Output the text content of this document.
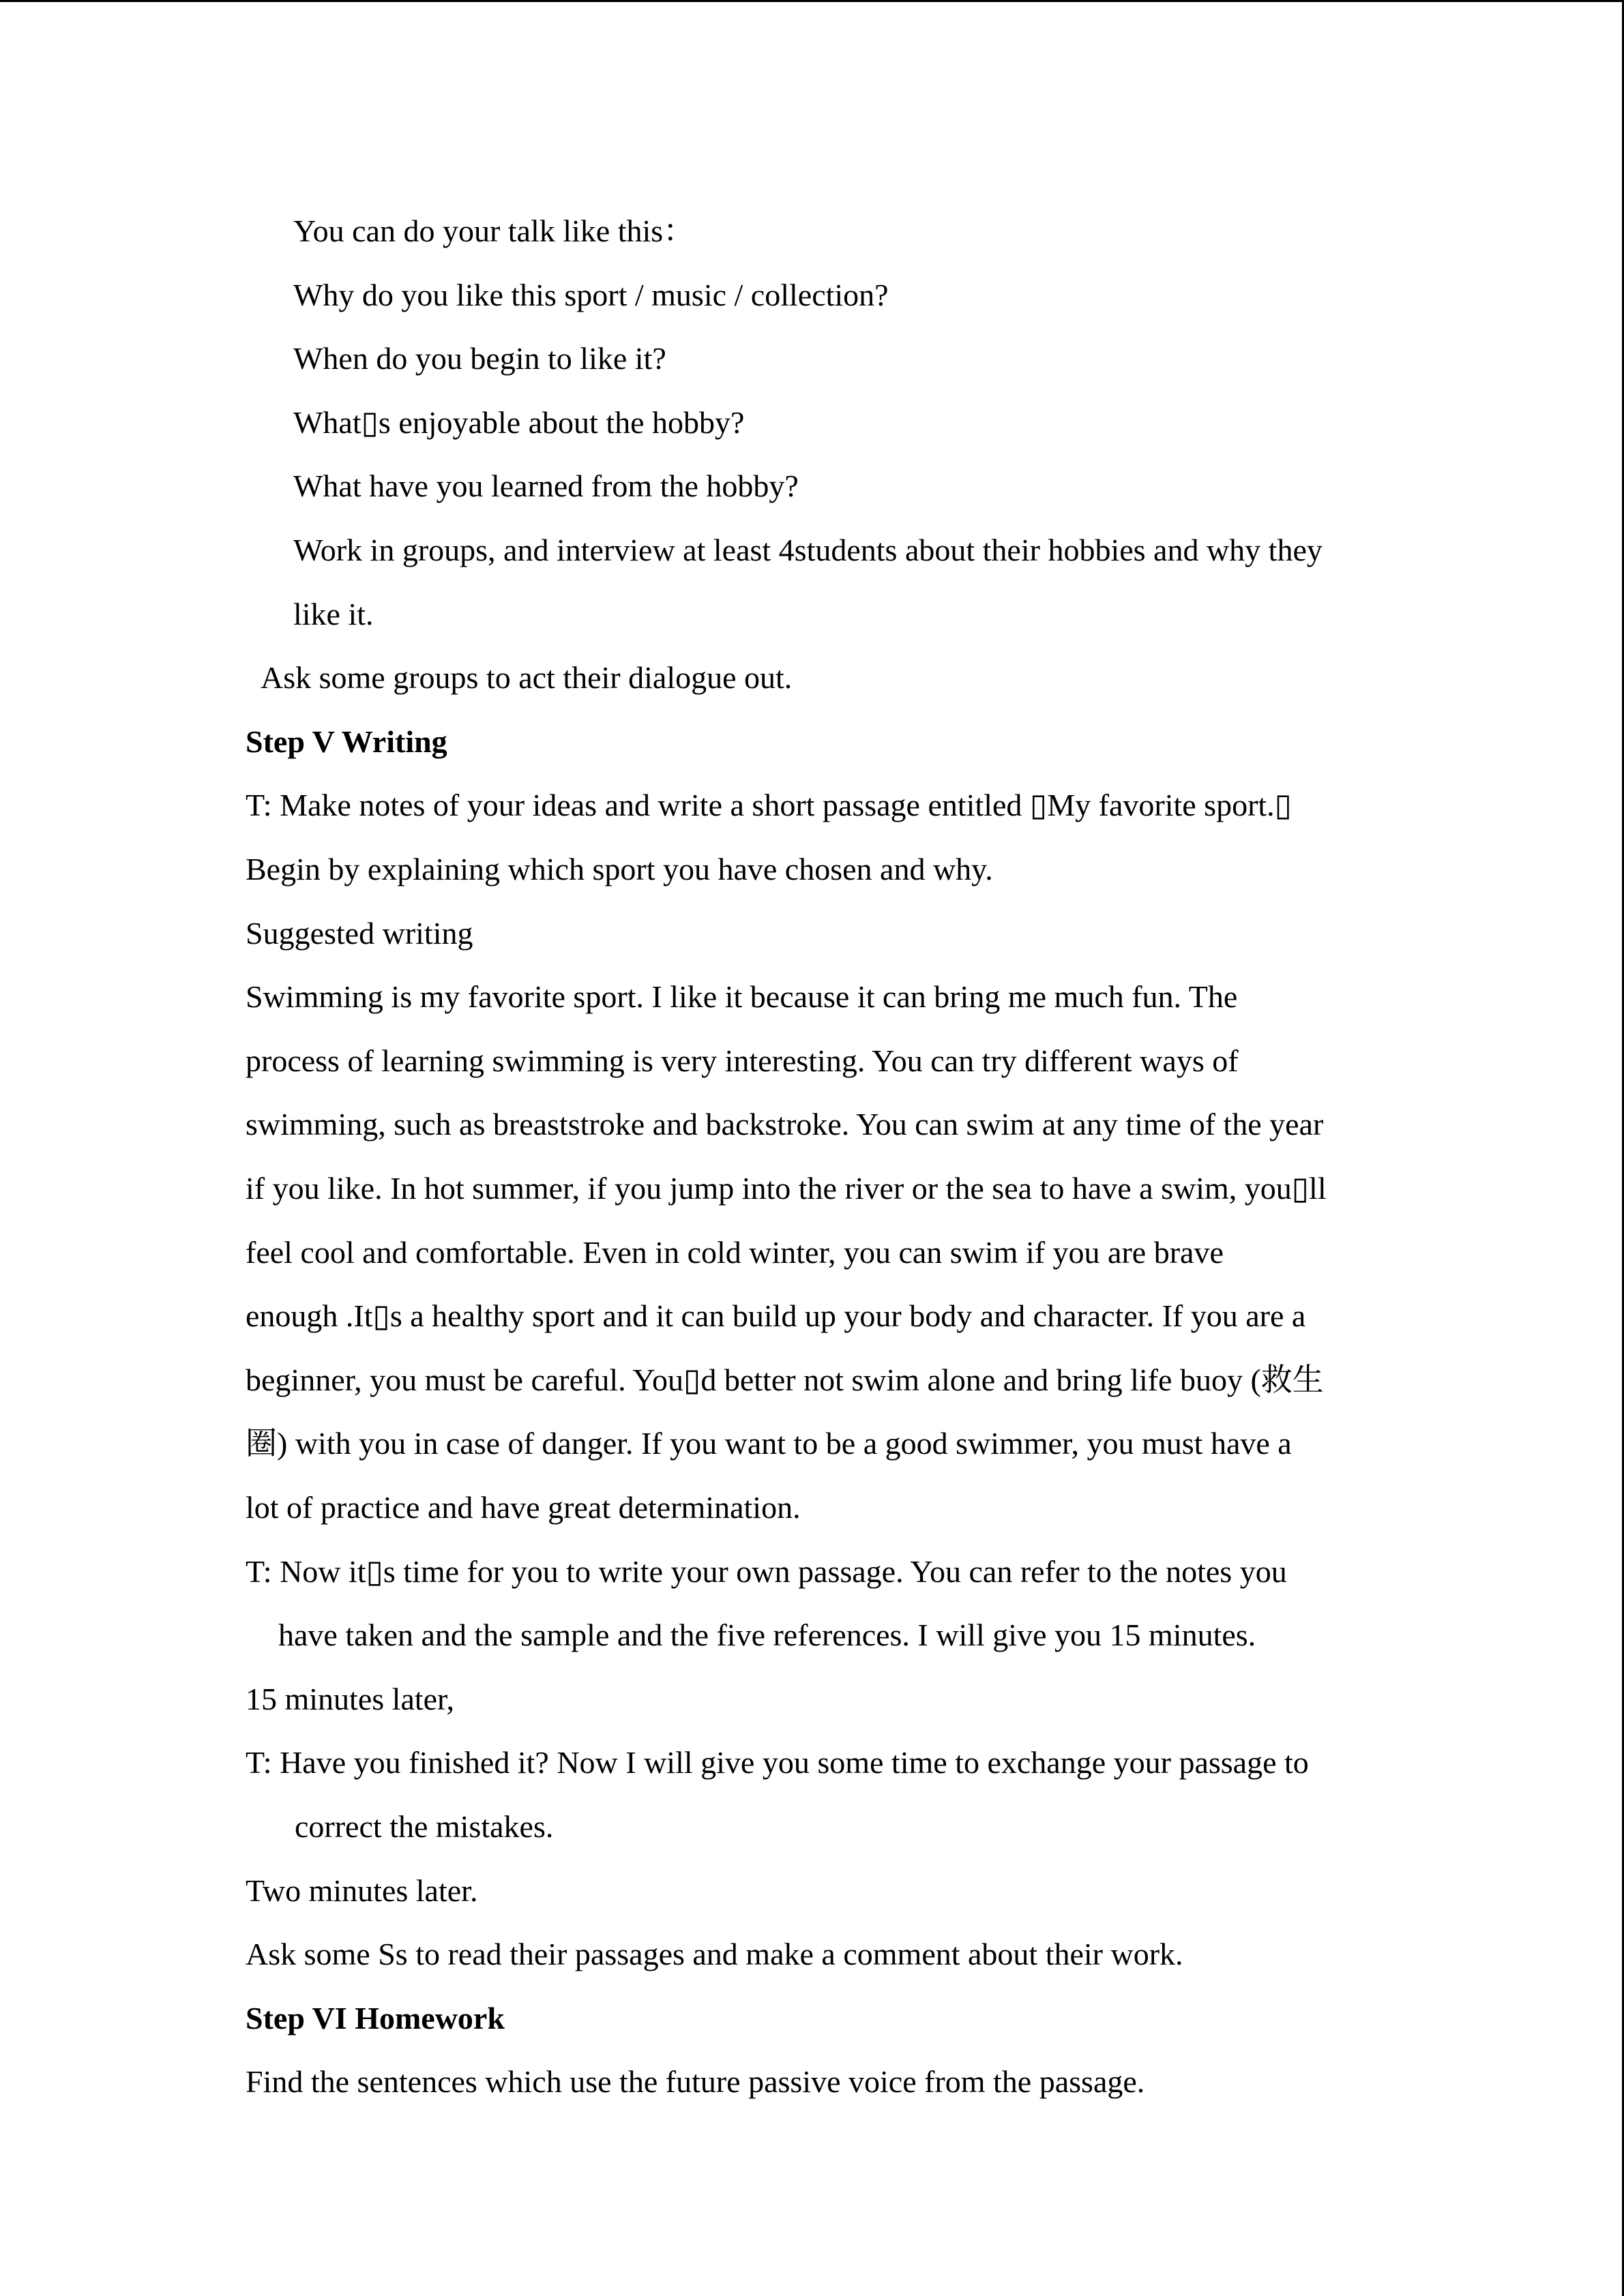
You can do your talk like this：
Why do you like this sport / music / collection?
When do you begin to like it?
What▯s enjoyable about the hobby?
What have you learned from the hobby?
Work in groups, and interview at least 4students about their hobbies and why they
like it.
Ask some groups to act their dialogue out.
Step V Writing
T: Make notes of your ideas and write a short passage entitled ▯My favorite sport.▯
Begin by explaining which sport you have chosen and why.
Suggested writing
Swimming is my favorite sport. I like it because it can bring me much fun. The
process of learning swimming is very interesting. You can try different ways of
swimming, such as breaststroke and backstroke. You can swim at any time of the year
if you like. In hot summer, if you jump into the river or the sea to have a swim, you▯ll
feel cool and comfortable. Even in cold winter, you can swim if you are brave
enough .It▯s a healthy sport and it can build up your body and character. If you are a
beginner, you must be careful. You▯d better not swim alone and bring life buoy (救生
圈) with you in case of danger. If you want to be a good swimmer, you must have a
lot of practice and have great determination.
T: Now it▯s time for you to write your own passage. You can refer to the notes you
have taken and the sample and the five references. I will give you 15 minutes.
15 minutes later,
T: Have you finished it? Now I will give you some time to exchange your passage to
correct the mistakes.
Two minutes later.
Ask some Ss to read their passages and make a comment about their work.
Step VI Homework
Find the sentences which use the future passive voice from the passage.
